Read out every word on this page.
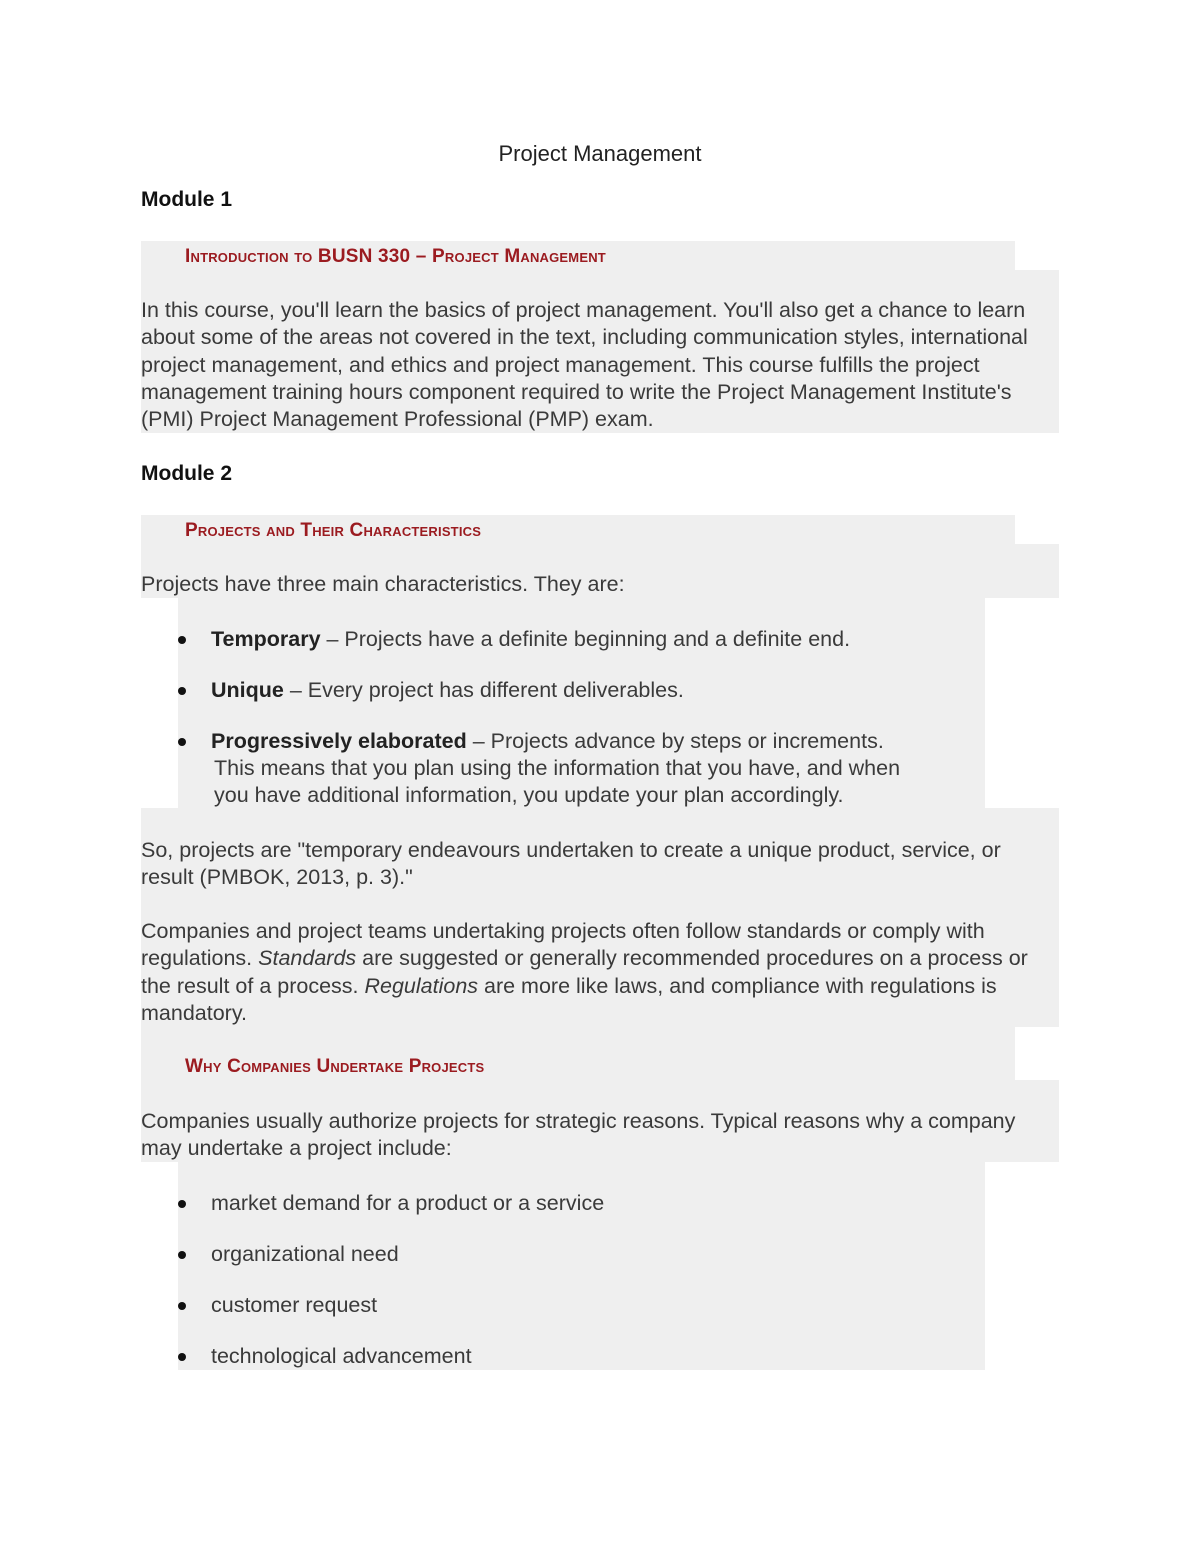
Project Management
Module 1
Introduction to BUSN 330 – Project Management
In this course, you'll learn the basics of project management. You'll also get a chance to learn about some of the areas not covered in the text, including communication styles, international project management, and ethics and project management. This course fulfills the project management training hours component required to write the Project Management Institute's (PMI) Project Management Professional (PMP) exam.
Module 2
Projects and Their Characteristics
Projects have three main characteristics. They are:
Temporary – Projects have a definite beginning and a definite end.
Unique – Every project has different deliverables.
Progressively elaborated – Projects advance by steps or increments.
This means that you plan using the information that you have, and when
you have additional information, you update your plan accordingly.
So, projects are "temporary endeavours undertaken to create a unique product, service, or result (PMBOK, 2013, p. 3)."
Companies and project teams undertaking projects often follow standards or comply with regulations. Standards are suggested or generally recommended procedures on a process or the result of a process. Regulations are more like laws, and compliance with regulations is mandatory.
Why Companies Undertake Projects
Companies usually authorize projects for strategic reasons. Typical reasons why a company may undertake a project include:
market demand for a product or a service
organizational need
customer request
technological advancement
